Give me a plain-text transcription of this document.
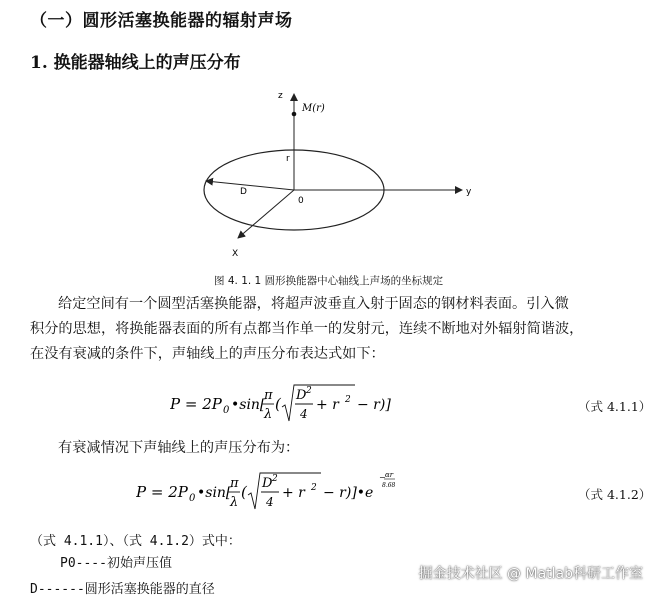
（一）圆形活塞换能器的辐射声场
1. 换能器轴线上的声压分布
z
M(r)
r
D
0
y
X
图 4. 1. 1 圆形换能器中心轴线上声场的坐标规定

给定空间有一个圆型活塞换能器，将超声波垂直入射于固态的钢材料表面。引入微

积分的思想，将换能器表面的所有点都当作单一的发射元，连续不断地对外辐射简谐波，

在没有衰减的条件下，声轴线上的声压分布表达式如下：

P = 2P 0 •sin[
π
λ
( D 2
4
+ r 2 − r)]	（式 4.1.1）
有衰减情况下声轴线上的声压分布为：
P = 2P 0 •sin[
π
λ
( D 2
4
+ r 2 − r)]•e
− αr
8.68
（式 4.1.2）
（式 4.1.1）、（式 4.1.2）式中：
P0----初始声压值
D------圆形活塞换能器的直径
掘金技术社区 @ Matlab科研工作室
